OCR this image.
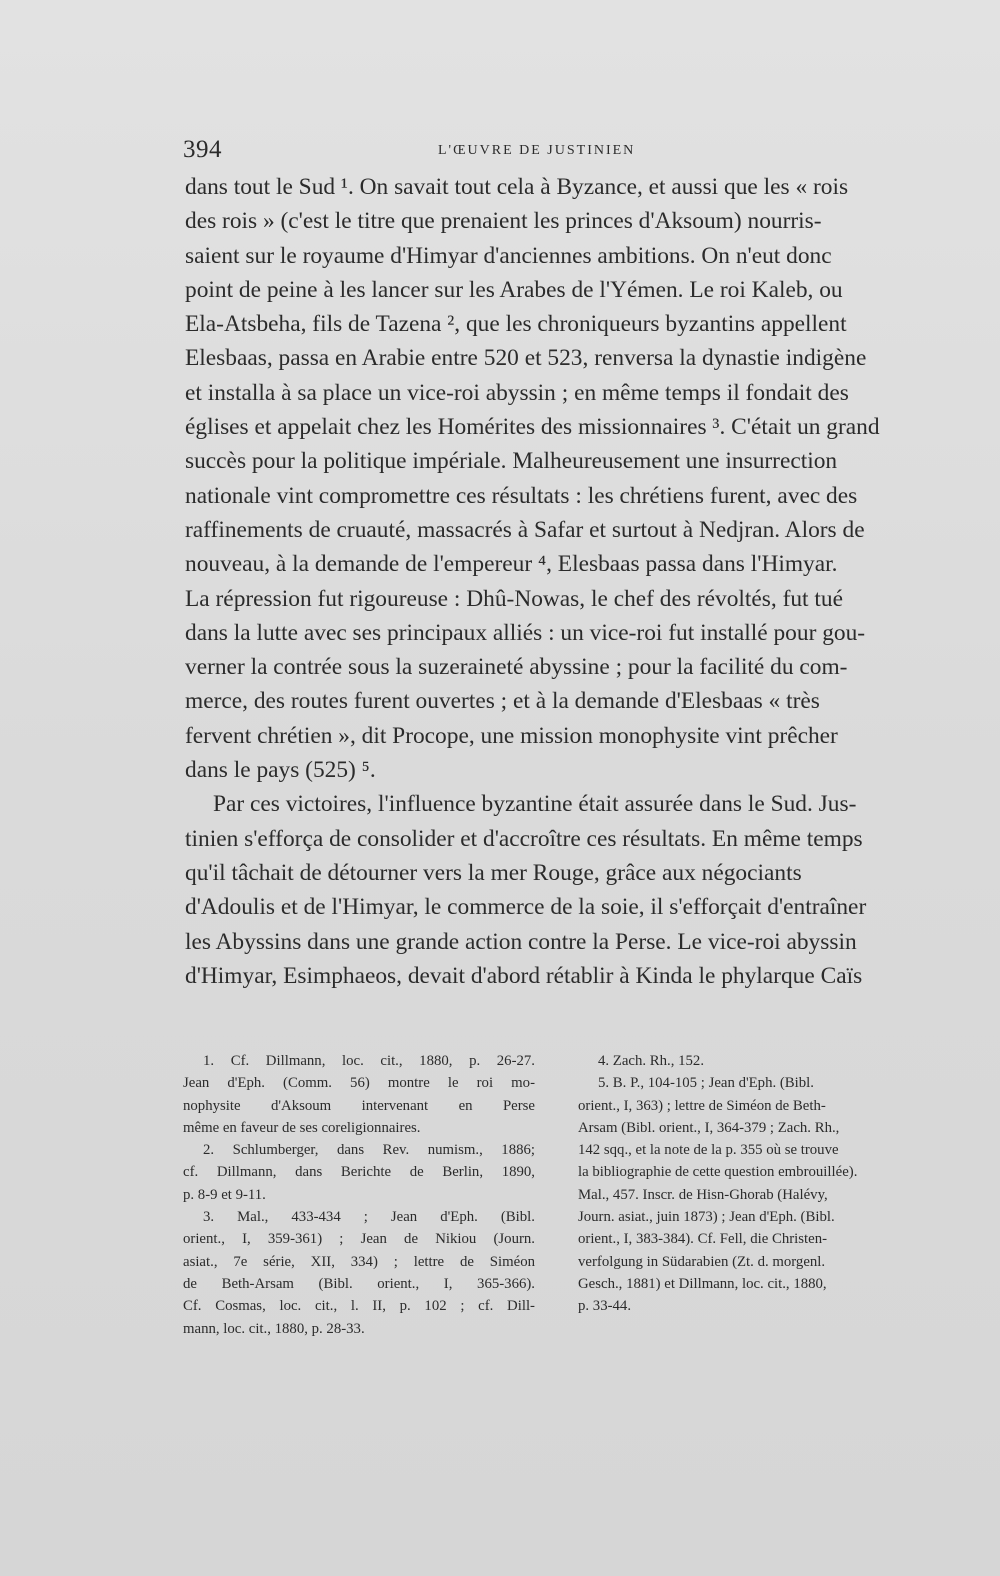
394	L'ŒUVRE DE JUSTINIEN
dans tout le Sud ¹. On savait tout cela à Byzance, et aussi que les « rois
des rois » (c'est le titre que prenaient les princes d'Aksoum) nourris-
saient sur le royaume d'Himyar d'anciennes ambitions. On n'eut donc
point de peine à les lancer sur les Arabes de l'Yémen. Le roi Kaleb, ou
Ela-Atsbeha, fils de Tazena ², que les chroniqueurs byzantins appellent
Elesbaas, passa en Arabie entre 520 et 523, renversa la dynastie indigène
et installa à sa place un vice-roi abyssin ; en même temps il fondait des
églises et appelait chez les Homérites des missionnaires ³. C'était un grand
succès pour la politique impériale. Malheureusement une insurrection
nationale vint compromettre ces résultats : les chrétiens furent, avec des
raffinements de cruauté, massacrés à Safar et surtout à Nedjran. Alors de
nouveau, à la demande de l'empereur ⁴, Elesbaas passa dans l'Himyar.
La répression fut rigoureuse : Dhû-Nowas, le chef des révoltés, fut tué
dans la lutte avec ses principaux alliés : un vice-roi fut installé pour gou-
verner la contrée sous la suzeraineté abyssine ; pour la facilité du com-
merce, des routes furent ouvertes ; et à la demande d'Elesbaas « très
fervent chrétien », dit Procope, une mission monophysite vint prêcher
dans le pays (525) ⁵.
Par ces victoires, l'influence byzantine était assurée dans le Sud. Jus-
tinien s'efforça de consolider et d'accroître ces résultats. En même temps
qu'il tâchait de détourner vers la mer Rouge, grâce aux négociants
d'Adoulis et de l'Himyar, le commerce de la soie, il s'efforçait d'entraîner
les Abyssins dans une grande action contre la Perse. Le vice-roi abyssin
d'Himyar, Esimphaeos, devait d'abord rétablir à Kinda le phylarque Caïs
1. Cf. Dillmann, loc. cit., 1880, p. 26-27.
Jean d'Eph. (Comm. 56) montre le roi mo-
nophysite d'Aksoum intervenant en Perse
même en faveur de ses coreligionnaires.
2. Schlumberger, dans Rev. numism., 1886;
cf. Dillmann, dans Berichte de Berlin, 1890,
p. 8-9 et 9-11.
3. Mal., 433-434 ; Jean d'Eph. (Bibl.
orient., I, 359-361) ; Jean de Nikiou (Journ.
asiat., 7e série, XII, 334) ; lettre de Siméon
de Beth-Arsam (Bibl. orient., I, 365-366).
Cf. Cosmas, loc. cit., l. II, p. 102 ; cf. Dill-
mann, loc. cit., 1880, p. 28-33.
4. Zach. Rh., 152.
5. B. P., 104-105 ; Jean d'Eph. (Bibl.
orient., I, 363) ; lettre de Siméon de Beth-
Arsam (Bibl. orient., I, 364-379 ; Zach. Rh.,
142 sqq., et la note de la p. 355 où se trouve
la bibliographie de cette question embrouillée).
Mal., 457. Inscr. de Hisn-Ghorab (Halévy,
Journ. asiat., juin 1873) ; Jean d'Eph. (Bibl.
orient., I, 383-384). Cf. Fell, die Christen-
verfolgung in Südarabien (Zt. d. morgenl.
Gesch., 1881) et Dillmann, loc. cit., 1880,
p. 33-44.
